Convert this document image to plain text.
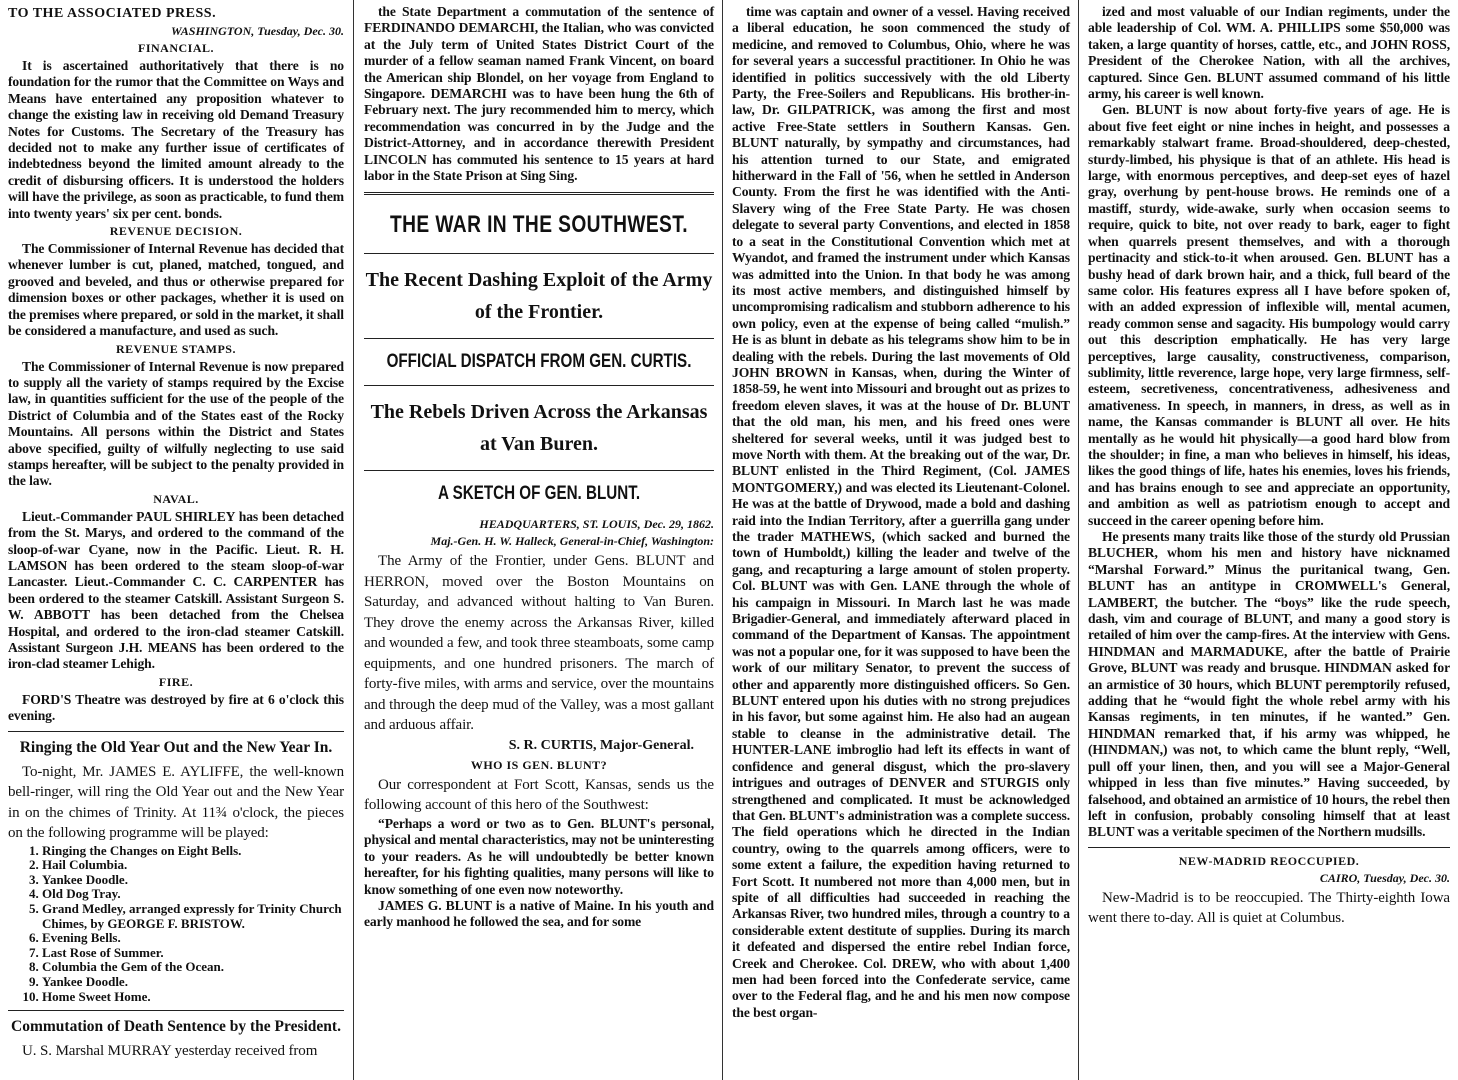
TO THE ASSOCIATED PRESS.
WASHINGTON, Tuesday, Dec. 30.
FINANCIAL.

It is ascertained authoritatively that there is no foundation for the rumor that the Committee on Ways and Means have entertained any proposition whatever to change the existing law in receiving old Demand Treasury Notes for Customs. The Secretary of the Treasury has decided not to make any further issue of certificates of indebtedness beyond the limited amount already to the credit of disbursing officers. It is understood the holders will have the privilege, as soon as practicable, to fund them into twenty years' six per cent. bonds.

REVENUE DECISION.

The Commissioner of Internal Revenue has decided that whenever lumber is cut, planed, matched, tongued, and grooved and beveled, and thus or otherwise prepared for dimension boxes or other packages, whether it is used on the premises where prepared, or sold in the market, it shall be considered a manufacture, and used as such.

REVENUE STAMPS.

The Commissioner of Internal Revenue is now prepared to supply all the variety of stamps required by the Excise law, in quantities sufficient for the use of the people of the District of Columbia and of the States east of the Rocky Mountains. All persons within the District and States above specified, guilty of wilfully neglecting to use said stamps hereafter, will be subject to the penalty provided in the law.

NAVAL.

Lieut.-Commander PAUL SHIRLEY has been detached from the St. Marys, and ordered to the command of the sloop-of-war Cyane, now in the Pacific. Lieut. R. H. LAMSON has been ordered to the steam sloop-of-war Lancaster. Lieut.-Commander C. C. CARPENTER has been ordered to the steamer Catskill. Assistant Surgeon S. W. ABBOTT has been detached from the Chelsea Hospital, and ordered to the iron-clad steamer Catskill. Assistant Surgeon J.H. MEANS has been ordered to the iron-clad steamer Lehigh.

FIRE.

FORD'S Theatre was destroyed by fire at 6 o'clock this evening.

Ringing the Old Year Out and the New Year In.

To-night, Mr. JAMES E. AYLIFFE, the well-known bell-ringer, will ring the Old Year out and the New Year in on the chimes of Trinity. At 11¾ o'clock, the pieces on the following programme will be played:

1. Ringing the Changes on Eight Bells.
2. Hail Columbia.
3. Yankee Doodle.
4. Old Dog Tray.
5. Grand Medley, arranged expressly for Trinity Church Chimes, by GEORGE F. BRISTOW.
6. Evening Bells.
7. Last Rose of Summer.
8. Columbia the Gem of the Ocean.
9. Yankee Doodle.
10. Home Sweet Home.
Commutation of Death Sentence by the President.

U. S. Marshal MURRAY yesterday received from

the State Department a commutation of the sentence of FERDINANDO DEMARCHI, the Italian, who was convicted at the July term of United States District Court of the murder of a fellow seaman named Frank Vincent, on board the American ship Blondel, on her voyage from England to Singapore. DEMARCHI was to have been hung the 6th of February next. The jury recommended him to mercy, which recommendation was concurred in by the Judge and the District-Attorney, and in accordance therewith President LINCOLN has commuted his sentence to 15 years at hard labor in the State Prison at Sing Sing.

THE WAR IN THE SOUTHWEST.
The Recent Dashing Exploit of the Army of the Frontier.
OFFICIAL DISPATCH FROM GEN. CURTIS.
The Rebels Driven Across the Arkansas at Van Buren.
A SKETCH OF GEN. BLUNT.
HEADQUARTERS, ST. LOUIS, Dec. 29, 1862.
Maj.-Gen. H. W. Halleck, General-in-Chief, Washington:

The Army of the Frontier, under Gens. BLUNT and HERRON, moved over the Boston Mountains on Saturday, and advanced without halting to Van Buren. They drove the enemy across the Arkansas River, killed and wounded a few, and took three steamboats, some camp equipments, and one hundred prisoners. The march of forty-five miles, with arms and service, over the mountains and through the deep mud of the Valley, was a most gallant and arduous affair.

S. R. CURTIS, Major-General.
WHO IS GEN. BLUNT?

Our correspondent at Fort Scott, Kansas, sends us the following account of this hero of the Southwest:

“Perhaps a word or two as to Gen. BLUNT's personal, physical and mental characteristics, may not be uninteresting to your readers. As he will undoubtedly be better known hereafter, for his fighting qualities, many persons will like to know something of one even now noteworthy.

JAMES G. BLUNT is a native of Maine. In his youth and early manhood he followed the sea, and for some

time was captain and owner of a vessel. Having received a liberal education, he soon commenced the study of medicine, and removed to Columbus, Ohio, where he was for several years a successful practitioner. In Ohio he was identified in politics successively with the old Liberty Party, the Free-Soilers and Republicans. His brother-in-law, Dr. GILPATRICK, was among the first and most active Free-State settlers in Southern Kansas. Gen. BLUNT naturally, by sympathy and circumstances, had his attention turned to our State, and emigrated hitherward in the Fall of '56, when he settled in Anderson County. From the first he was identified with the Anti-Slavery wing of the Free State Party. He was chosen delegate to several party Conventions, and elected in 1858 to a seat in the Constitutional Convention which met at Wyandot, and framed the instrument under which Kansas was admitted into the Union. In that body he was among its most active members, and distinguished himself by uncompromising radicalism and stubborn adherence to his own policy, even at the expense of being called “mulish.” He is as blunt in debate as his telegrams show him to be in dealing with the rebels. During the last movements of Old JOHN BROWN in Kansas, when, during the Winter of 1858-59, he went into Missouri and brought out as prizes to freedom eleven slaves, it was at the house of Dr. BLUNT that the old man, his men, and his freed ones were sheltered for several weeks, until it was judged best to move North with them. At the breaking out of the war, Dr. BLUNT enlisted in the Third Regiment, (Col. JAMES MONTGOMERY,) and was elected its Lieutenant-Colonel. He was at the battle of Drywood, made a bold and dashing raid into the Indian Territory, after a guerrilla gang under the trader MATHEWS, (which sacked and burned the town of Humboldt,) killing the leader and twelve of the gang, and recapturing a large amount of stolen property. Col. BLUNT was with Gen. LANE through the whole of his campaign in Missouri. In March last he was made Brigadier-General, and immediately afterward placed in command of the Department of Kansas. The appointment was not a popular one, for it was supposed to have been the work of our military Senator, to prevent the success of other and apparently more distinguished officers. So Gen. BLUNT entered upon his duties with no strong prejudices in his favor, but some against him. He also had an augean stable to cleanse in the administrative detail. The HUNTER-LANE imbroglio had left its effects in want of confidence and general disgust, which the pro-slavery intrigues and outrages of DENVER and STURGIS only strengthened and complicated. It must be acknowledged that Gen. BLUNT's administration was a complete success. The field operations which he directed in the Indian country, owing to the quarrels among officers, were to some extent a failure, the expedition having returned to Fort Scott. It numbered not more than 4,000 men, but in spite of all difficulties had succeeded in reaching the Arkansas River, two hundred miles, through a country to a considerable extent destitute of supplies. During its march it defeated and dispersed the entire rebel Indian force, Creek and Cherokee. Col. DREW, who with about 1,400 men had been forced into the Confederate service, came over to the Federal flag, and he and his men now compose the best organ-

ized and most valuable of our Indian regiments, under the able leadership of Col. WM. A. PHILLIPS some $50,000 was taken, a large quantity of horses, cattle, etc., and JOHN ROSS, President of the Cherokee Nation, with all the archives, captured. Since Gen. BLUNT assumed command of his little army, his career is well known.

Gen. BLUNT is now about forty-five years of age. He is about five feet eight or nine inches in height, and possesses a remarkably stalwart frame. Broad-shouldered, deep-chested, sturdy-limbed, his physique is that of an athlete. His head is large, with enormous perceptives, and deep-set eyes of hazel gray, overhung by pent-house brows. He reminds one of a mastiff, sturdy, wide-awake, surly when occasion seems to require, quick to bite, not over ready to bark, eager to fight when quarrels present themselves, and with a thorough pertinacity and stick-to-it when aroused. Gen. BLUNT has a bushy head of dark brown hair, and a thick, full beard of the same color. His features express all I have before spoken of, with an added expression of inflexible will, mental acumen, ready common sense and sagacity. His bumpology would carry out this description emphatically. He has very large perceptives, large causality, constructiveness, comparison, sublimity, little reverence, large hope, very large firmness, self-esteem, secretiveness, concentrativeness, adhesiveness and amativeness. In speech, in manners, in dress, as well as in name, the Kansas commander is BLUNT all over. He hits mentally as he would hit physically—a good hard blow from the shoulder; in fine, a man who believes in himself, his ideas, likes the good things of life, hates his enemies, loves his friends, and has brains enough to see and appreciate an opportunity, and ambition as well as patriotism enough to accept and succeed in the career opening before him.

He presents many traits like those of the sturdy old Prussian BLUCHER, whom his men and history have nicknamed “Marshal Forward.” Minus the puritanical twang, Gen. BLUNT has an antitype in CROMWELL's General, LAMBERT, the butcher. The “boys” like the rude speech, dash, vim and courage of BLUNT, and many a good story is retailed of him over the camp-fires. At the interview with Gens. HINDMAN and MARMADUKE, after the battle of Prairie Grove, BLUNT was ready and brusque. HINDMAN asked for an armistice of 30 hours, which BLUNT peremptorily refused, adding that he “would fight the whole rebel army with his Kansas regiments, in ten minutes, if he wanted.” Gen. HINDMAN remarked that, if his army was whipped, he (HINDMAN,) was not, to which came the blunt reply, “Well, pull off your linen, then, and you will see a Major-General whipped in less than five minutes.” Having succeeded, by falsehood, and obtained an armistice of 10 hours, the rebel then left in confusion, probably consoling himself that at least BLUNT was a veritable specimen of the Northern mudsills.

NEW-MADRID REOCCUPIED.
CAIRO, Tuesday, Dec. 30.

New-Madrid is to be reoccupied. The Thirty-eighth Iowa went there to-day. All is quiet at Columbus.
